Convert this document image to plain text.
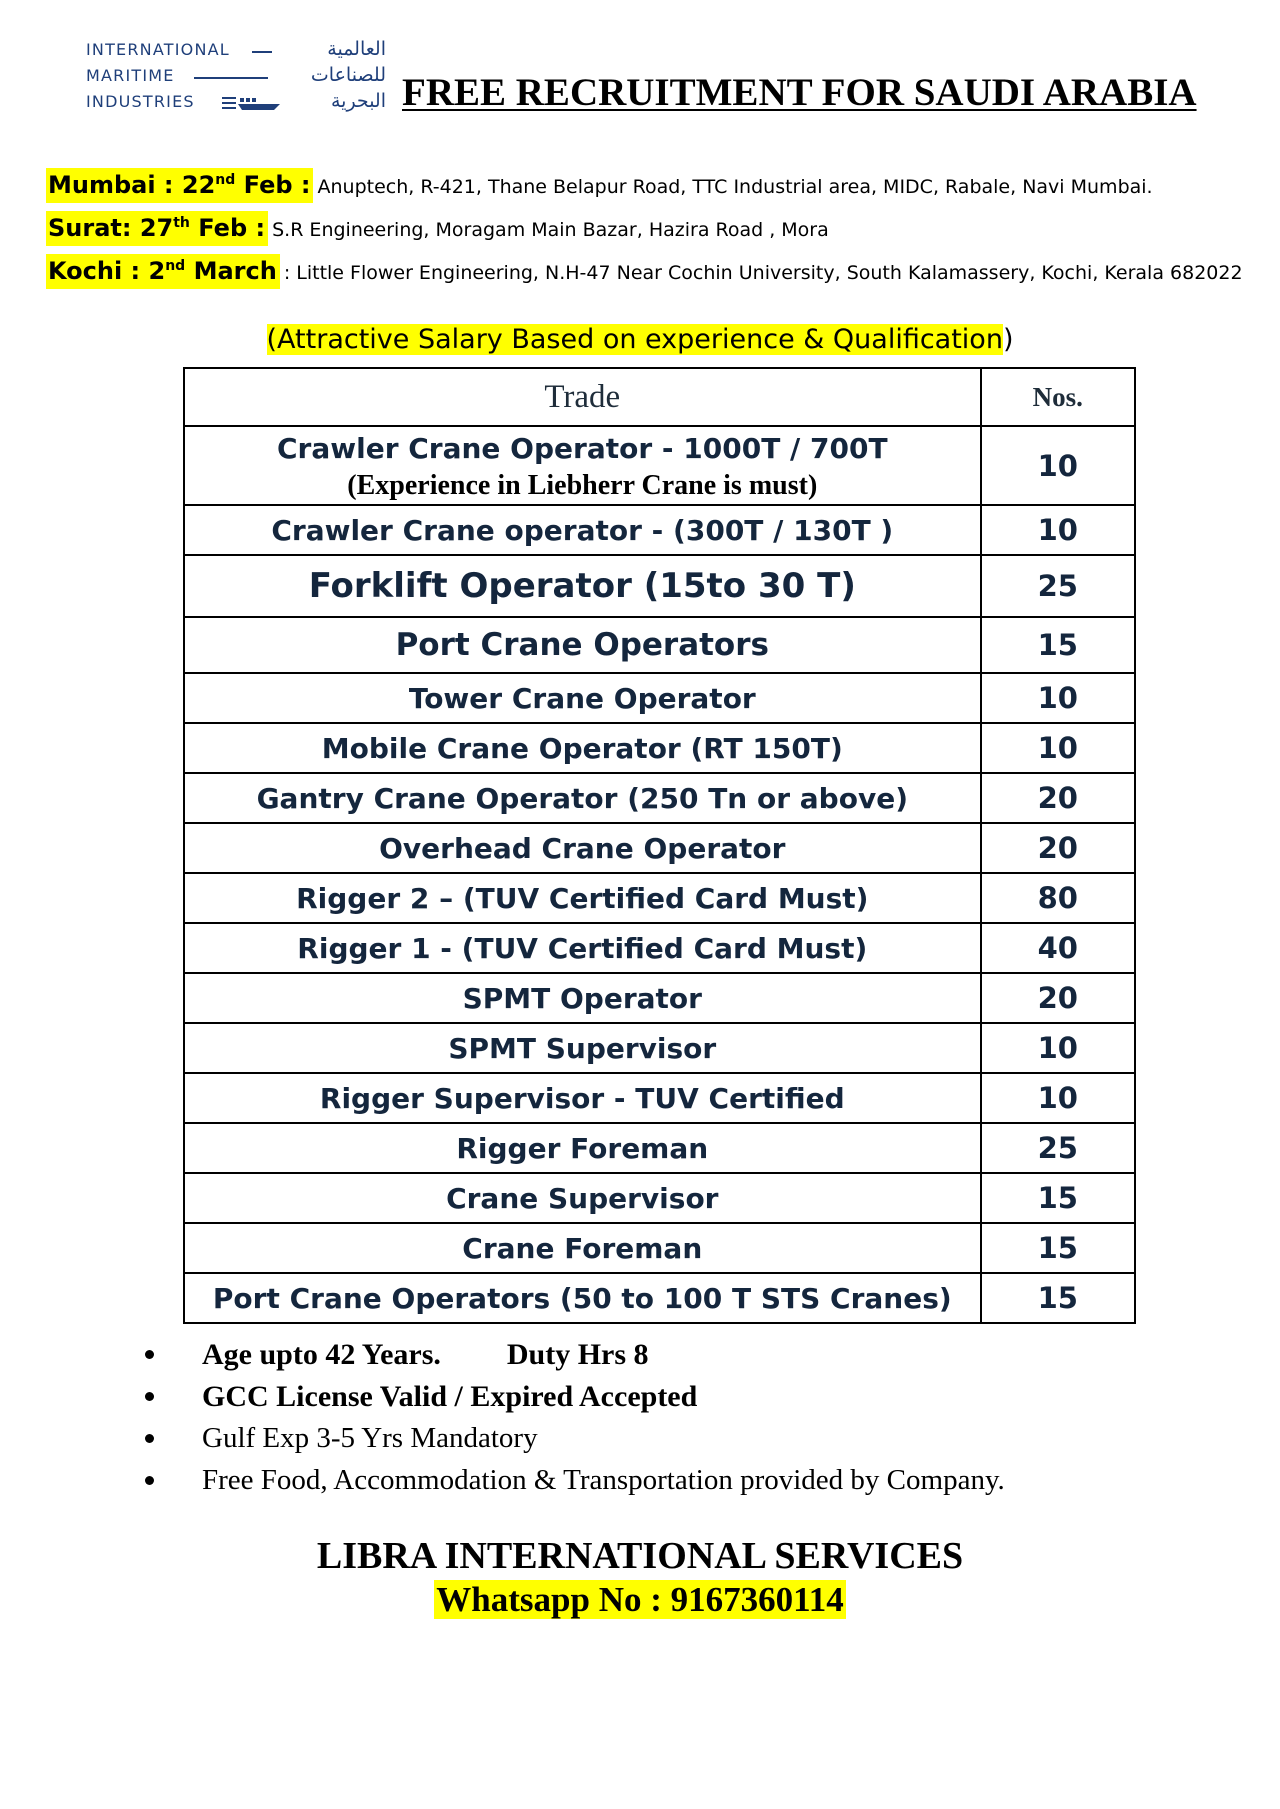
INTERNATIONAL	العالمية
MARITIME	للصناعات
INDUSTRIES	البحرية FREE RECRUITMENT FOR SAUDI ARABIA
Mumbai : 22nd Feb : Anuptech, R-421, Thane Belapur Road, TTC Industrial area, MIDC, Rabale, Navi Mumbai.
Surat: 27th Feb : S.R Engineering, Moragam Main Bazar, Hazira Road , Mora
Kochi : 2nd March : Little Flower Engineering, N.H-47 Near Cochin University, South Kalamassery, Kochi, Kerala 682022
(Attractive Salary Based on experience & Qualification)
Trade	Nos.

Crawler Crane Operator - 1000T / 700T
(Experience in Liebherr Crane is must)	10
Crawler Crane operator - (300T / 130T )	10
Forklift Operator (15to 30 T)	25
Port Crane Operators	15
Tower Crane Operator	10
Mobile Crane Operator (RT 150T)	10
Gantry Crane Operator (250 Tn or above)	20
Overhead Crane Operator	20
Rigger 2 – (TUV Certified Card Must)	80
Rigger 1 - (TUV Certified Card Must)	40
SPMT Operator	20
SPMT Supervisor	10
Rigger Supervisor - TUV Certified	10
Rigger Foreman	25
Crane Supervisor	15
Crane Foreman	15
Port Crane Operators (50 to 100 T STS Cranes)	15
Age upto 42 Years. Duty Hrs 8
GCC License Valid / Expired Accepted
Gulf Exp 3-5 Yrs Mandatory
Free Food, Accommodation & Transportation provided by Company.
LIBRA INTERNATIONAL SERVICES
Whatsapp No : 9167360114
